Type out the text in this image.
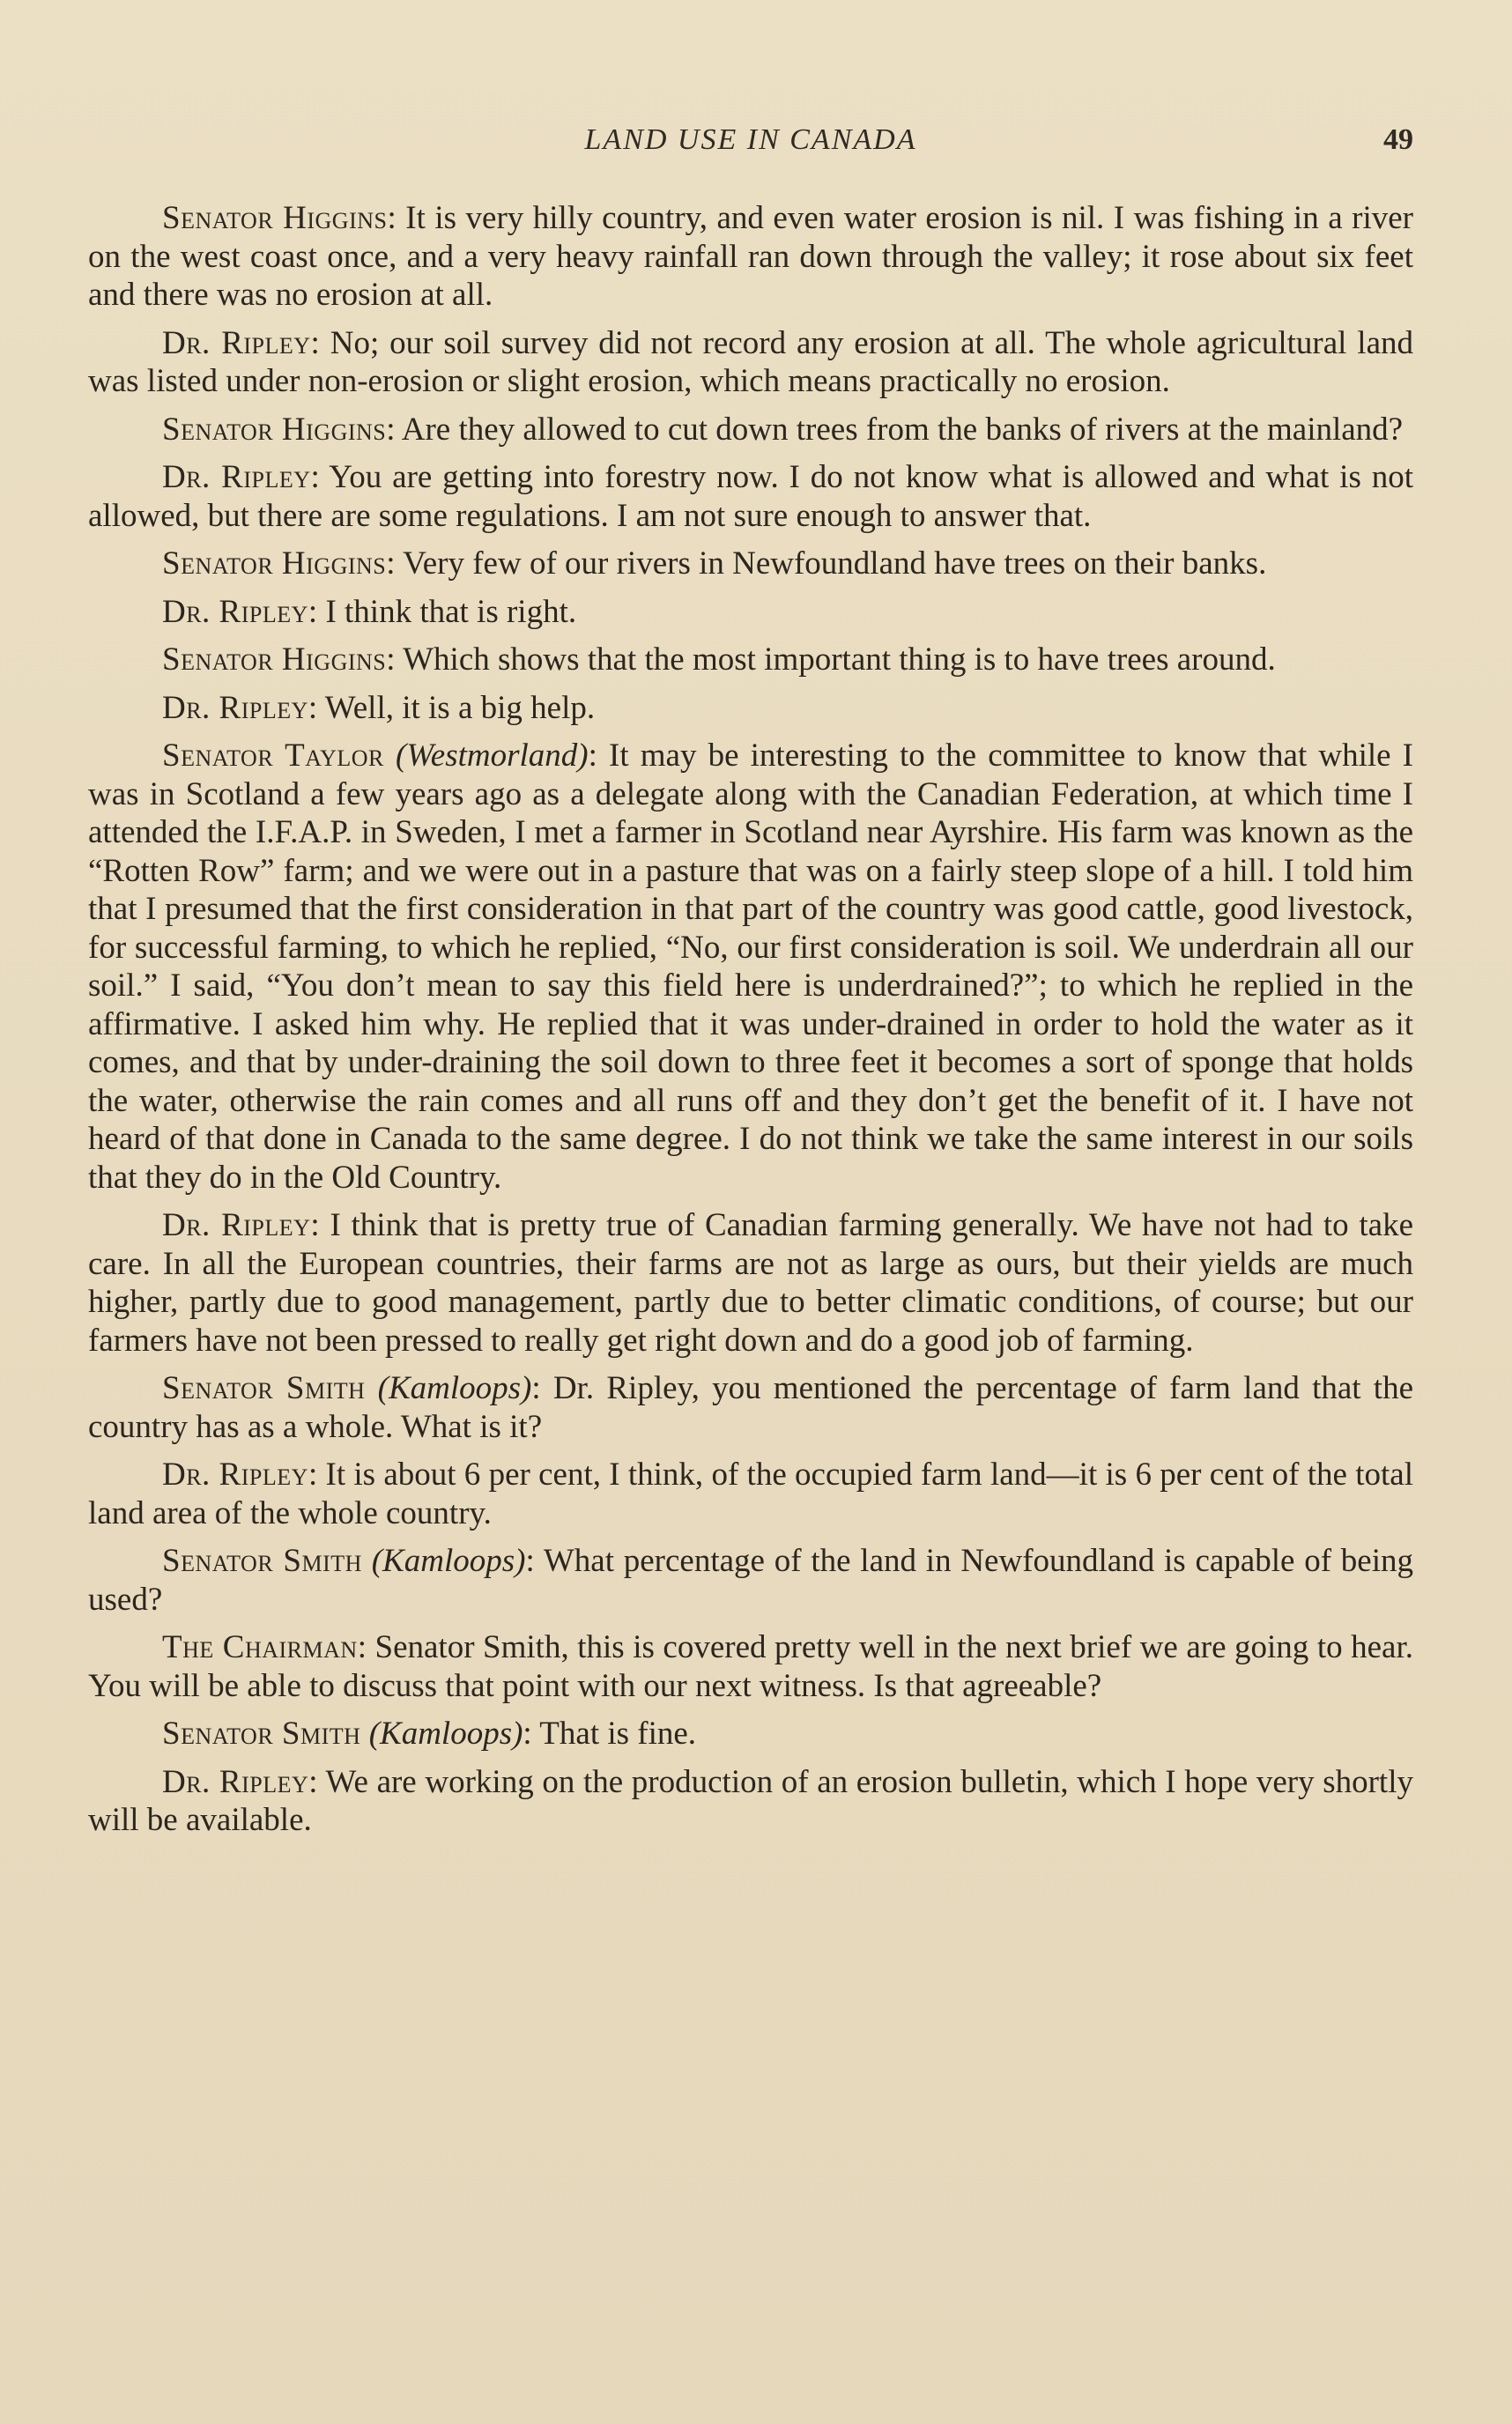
LAND USE IN CANADA	49

Senator Higgins: It is very hilly country, and even water erosion is nil. I was fishing in a river on the west coast once, and a very heavy rainfall ran down through the valley; it rose about six feet and there was no erosion at all.

Dr. Ripley: No; our soil survey did not record any erosion at all. The whole agricultural land was listed under non-erosion or slight erosion, which means practically no erosion.

Senator Higgins: Are they allowed to cut down trees from the banks of rivers at the mainland?

Dr. Ripley: You are getting into forestry now. I do not know what is allowed and what is not allowed, but there are some regulations. I am not sure enough to answer that.

Senator Higgins: Very few of our rivers in Newfoundland have trees on their banks.

Dr. Ripley: I think that is right.

Senator Higgins: Which shows that the most important thing is to have trees around.

Dr. Ripley: Well, it is a big help.

Senator Taylor (Westmorland): It may be interesting to the committee to know that while I was in Scotland a few years ago as a delegate along with the Canadian Federation, at which time I attended the I.F.A.P. in Sweden, I met a farmer in Scotland near Ayrshire. His farm was known as the “Rotten Row” farm; and we were out in a pasture that was on a fairly steep slope of a hill. I told him that I presumed that the first consideration in that part of the country was good cattle, good livestock, for successful farming, to which he replied, “No, our first consideration is soil. We underdrain all our soil.” I said, “You don’t mean to say this field here is underdrained?”; to which he replied in the affirmative. I asked him why. He replied that it was under-drained in order to hold the water as it comes, and that by under-draining the soil down to three feet it becomes a sort of sponge that holds the water, otherwise the rain comes and all runs off and they don’t get the benefit of it. I have not heard of that done in Canada to the same degree. I do not think we take the same interest in our soils that they do in the Old Country.

Dr. Ripley: I think that is pretty true of Canadian farming generally. We have not had to take care. In all the European countries, their farms are not as large as ours, but their yields are much higher, partly due to good management, partly due to better climatic conditions, of course; but our farmers have not been pressed to really get right down and do a good job of farming.

Senator Smith (Kamloops): Dr. Ripley, you mentioned the percentage of farm land that the country has as a whole. What is it?

Dr. Ripley: It is about 6 per cent, I think, of the occupied farm land—it is 6 per cent of the total land area of the whole country.

Senator Smith (Kamloops): What percentage of the land in Newfoundland is capable of being used?

The Chairman: Senator Smith, this is covered pretty well in the next brief we are going to hear. You will be able to discuss that point with our next witness. Is that agreeable?

Senator Smith (Kamloops): That is fine.

Dr. Ripley: We are working on the production of an erosion bulletin, which I hope very shortly will be available.
